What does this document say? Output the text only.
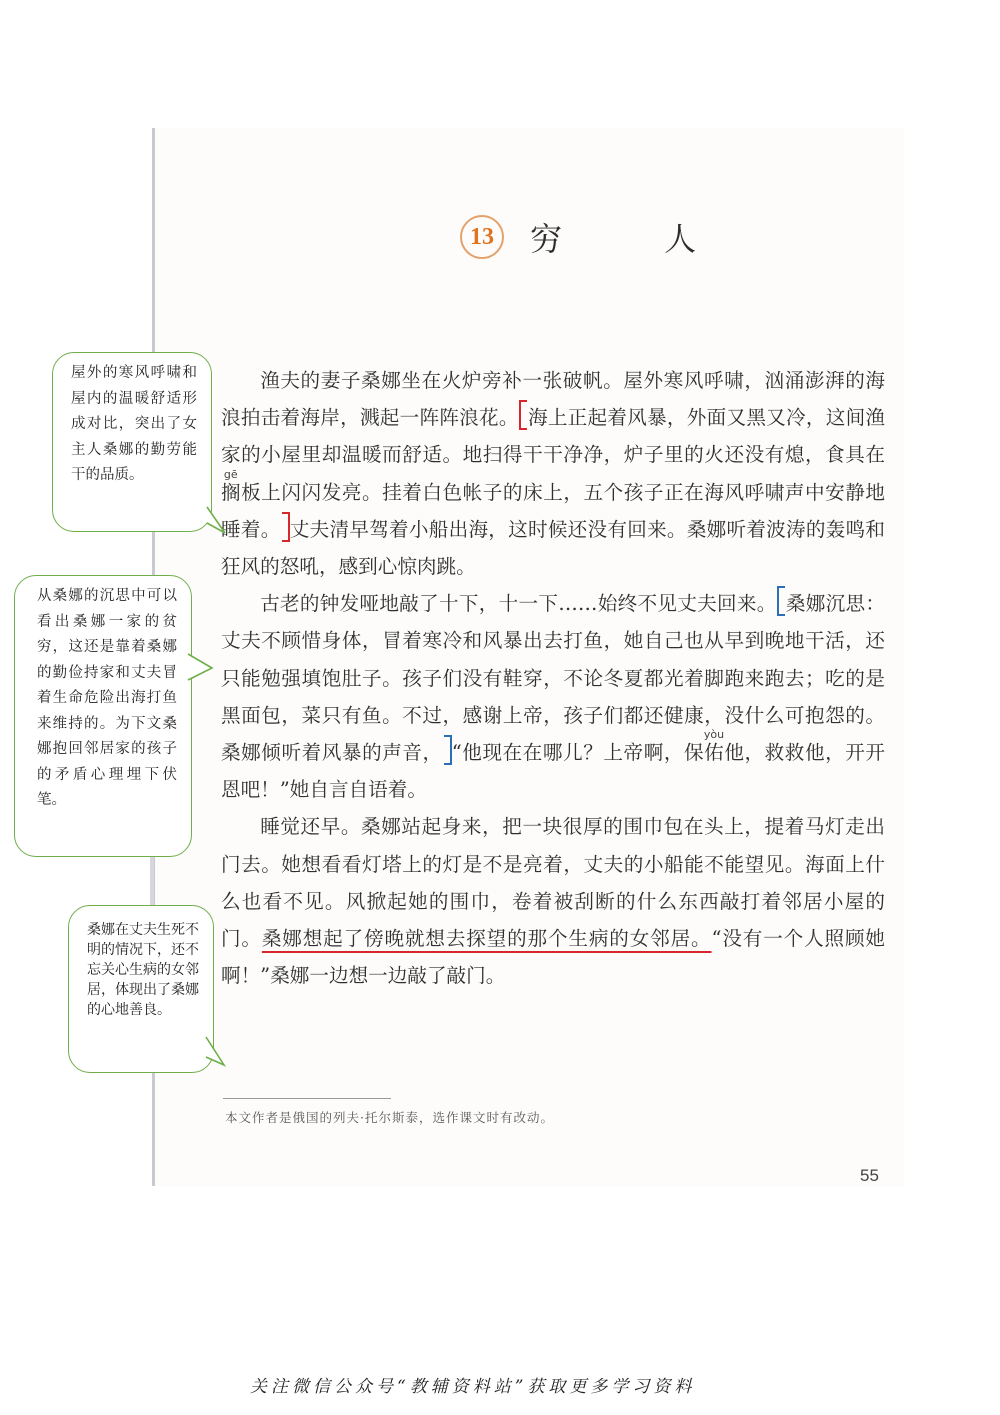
13 穷 人

渔夫的妻子桑娜坐在火炉旁补一张破帆。屋外寒风呼啸，汹涌澎湃的海浪拍击着海岸，溅起一阵阵浪花。 海上正起着风暴，外面又黑又冷，这间渔家的小屋里却温暖而舒适。地扫得干干净净，炉子里的火还没有熄，食具在搁gē板上闪闪发亮。挂着白色帐子的床上，五个孩子正在海风呼啸声中安静地睡着。 丈夫清早驾着小船出海，这时候还没有回来。桑娜听着波涛的轰鸣和狂风的怒吼，感到心惊肉跳。

古老的钟发哑地敲了十下，十一下……始终不见丈夫回来。 桑娜沉思：丈夫不顾惜身体，冒着寒冷和风暴出去打鱼，她自己也从早到晚地干活，还只能勉强填饱肚子。孩子们没有鞋穿，不论冬夏都光着脚跑来跑去；吃的是黑面包，菜只有鱼。不过，感谢上帝，孩子们都还健康，没什么可抱怨的。桑娜倾听着风暴的声音， “他现在在哪儿？上帝啊，保佑yòu他，救救他，开开恩吧！”她自言自语着。

睡觉还早。桑娜站起身来，把一块很厚的围巾包在头上，提着马灯走出门去。她想看看灯塔上的灯是不是亮着，丈夫的小船能不能望见。海面上什么也看不见。风掀起她的围巾，卷着被刮断的什么东西敲打着邻居小屋的门。桑娜想起了傍晚就想去探望的那个生病的女邻居。“没有一个人照顾她啊！”桑娜一边想一边敲了敲门。

屋外的寒风呼啸和屋内的温暖舒适形成对比，突出了女主人桑娜的勤劳能干的品质。
从桑娜的沉思中可以看出桑娜一家的贫穷，这还是靠着桑娜的勤俭持家和丈夫冒着生命危险出海打鱼来维持的。为下文桑娜抱回邻居家的孩子的矛盾心理埋下伏笔。
桑娜在丈夫生死不明的情况下，还不忘关心生病的女邻居，体现出了桑娜的心地善良。
本文作者是俄国的列夫·托尔斯泰，选作课文时有改动。
55
关注微信公众号“教辅资料站”获取更多学习资料
